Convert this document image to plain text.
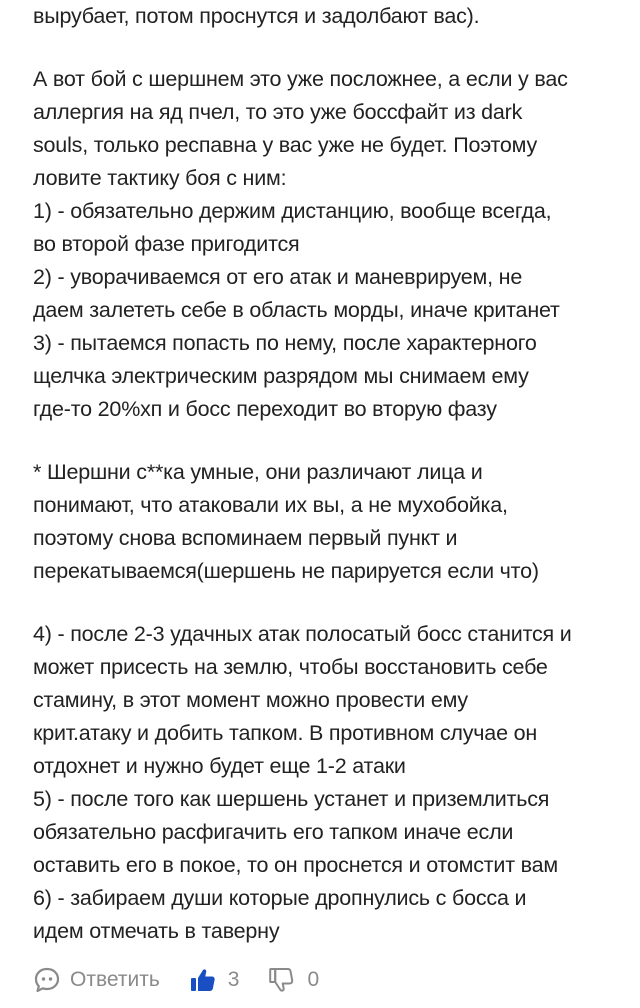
вырубает, потом проснутся и задолбают вас).

А вот бой с шершнем это уже посложнее, а если у вас
аллергия на яд пчел, то это уже боссфайт из dark
souls, только респавна у вас уже не будет. Поэтому
ловите тактику боя с ним:
1) - обязательно держим дистанцию, вообще всегда,
во второй фазе пригодится
2) - уворачиваемся от его атак и маневрируем, не
даем залететь себе в область морды, иначе кританет
3) - пытаемся попасть по нему, после характерного
щелчка электрическим разрядом мы снимаем ему
где-то 20%хп и босс переходит во вторую фазу

* Шершни с**ка умные, они различают лица и
понимают, что атаковали их вы, а не мухобойка,
поэтому снова вспоминаем первый пункт и
перекатываемся(шершень не парируется если что)

4) - после 2-3 удачных атак полосатый босс станится и
может присесть на землю, чтобы восстановить себе
стамину, в этот момент можно провести ему
крит.атаку и добить тапком. В противном случае он
отдохнет и нужно будет еще 1-2 атаки
5) - после того как шершень устанет и приземлиться
обязательно расфигачить его тапком иначе если
оставить его в покое, то он проснется и отомстит вам
6) - забираем души которые дропнулись с босса и
идем отмечать в таверну

Ответить	3	0
